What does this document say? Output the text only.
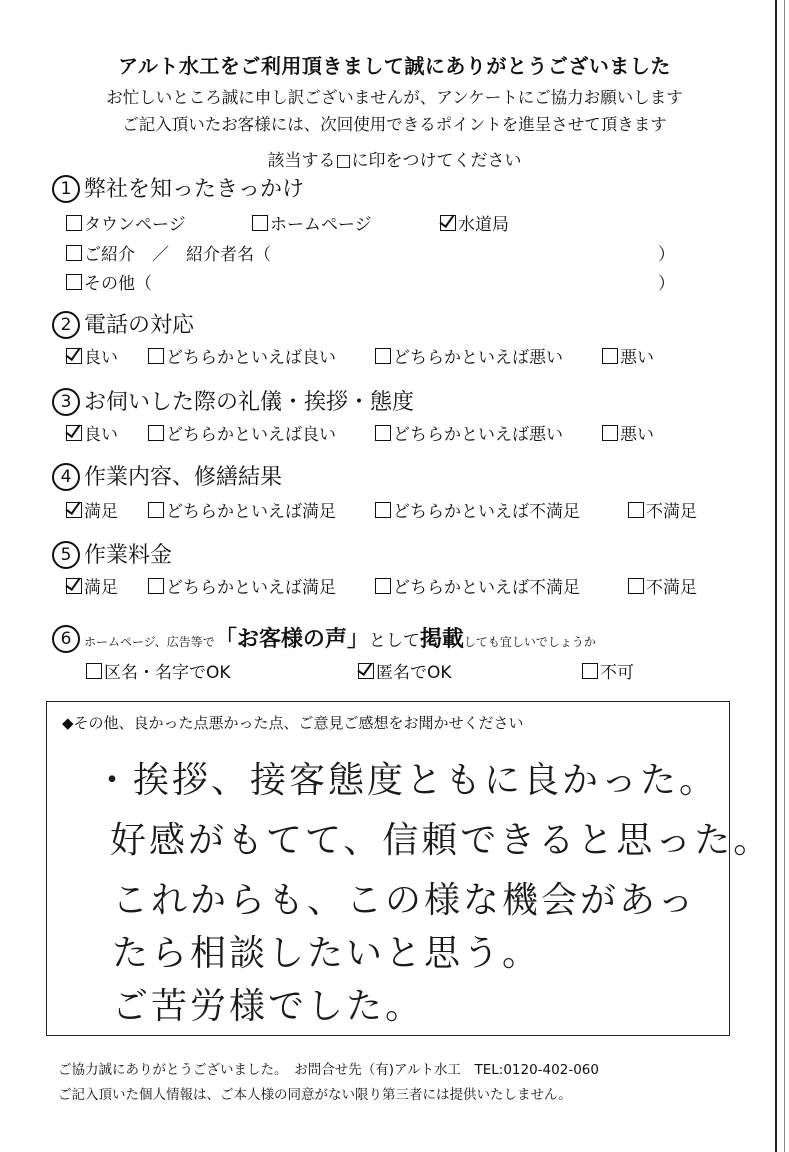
アルト水工をご利用頂きまして誠にありがとうございました
お忙しいところ誠に申し訳ございませんが、アンケートにご協力お願いします
ご記入頂いたお客様には、次回使用できるポイントを進呈させて頂きます
該当する□に印をつけてください
1 弊社を知ったきっかけ
タウンページ	ホームページ	水道局
ご紹介　／　紹介者名（	）
その他（	）
2 電話の対応
良い	どちらかといえば良い	どちらかといえば悪い	悪い
3 お伺いした際の礼儀・挨拶・態度
良い	どちらかといえば良い	どちらかといえば悪い	悪い
4 作業内容、修繕結果
満足	どちらかといえば満足	どちらかといえば不満足	不満足
5 作業料金
満足	どちらかといえば満足	どちらかといえば不満足	不満足
6 ホームページ、広告等で「お客様の声」として掲載しても宜しいでしょうか
区名・名字でOK	匿名でOK	不可
◆その他、良かった点悪かった点、ご意見ご感想をお聞かせください
・挨拶、接客態度ともに良かった。
好感がもてて、信頼できると思った。
これからも、この様な機会があっ
たら相談したいと思う。
ご苦労様でした。
ご協力誠にありがとうございました。　お問合せ先（有)アルト水工　TEL:0120-402-060
ご記入頂いた個人情報は、ご本人様の同意がない限り第三者には提供いたしません。
